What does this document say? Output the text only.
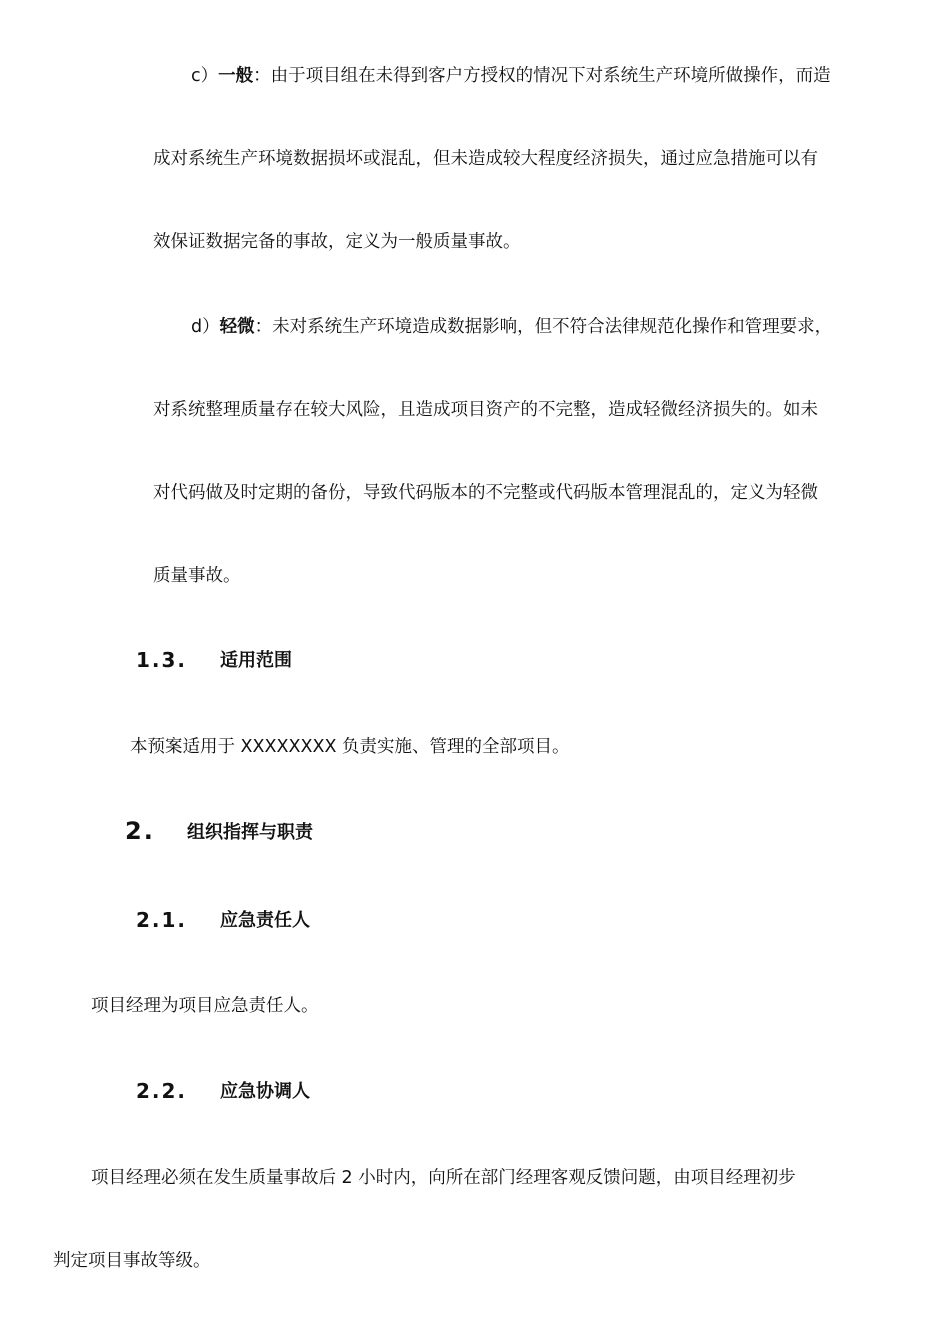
c）一般：由于项目组在未得到客户方授权的情况下对系统生产环境所做操作，而造
成对系统生产环境数据损坏或混乱，但未造成较大程度经济损失，通过应急措施可以有
效保证数据完备的事故，定义为一般质量事故。
d）轻微：未对系统生产环境造成数据影响，但不符合法律规范化操作和管理要求，
对系统整理质量存在较大风险，且造成项目资产的不完整，造成轻微经济损失的。如未
对代码做及时定期的备份，导致代码版本的不完整或代码版本管理混乱的，定义为轻微
质量事故。
1.3. 适用范围
本预案适用于 XXXXXXXX 负责实施、管理的全部项目。
2. 组织指挥与职责
2.1. 应急责任人
项目经理为项目应急责任人。
2.2. 应急协调人
项目经理必须在发生质量事故后 2 小时内，向所在部门经理客观反馈问题，由项目经理初步
判定项目事故等级。
